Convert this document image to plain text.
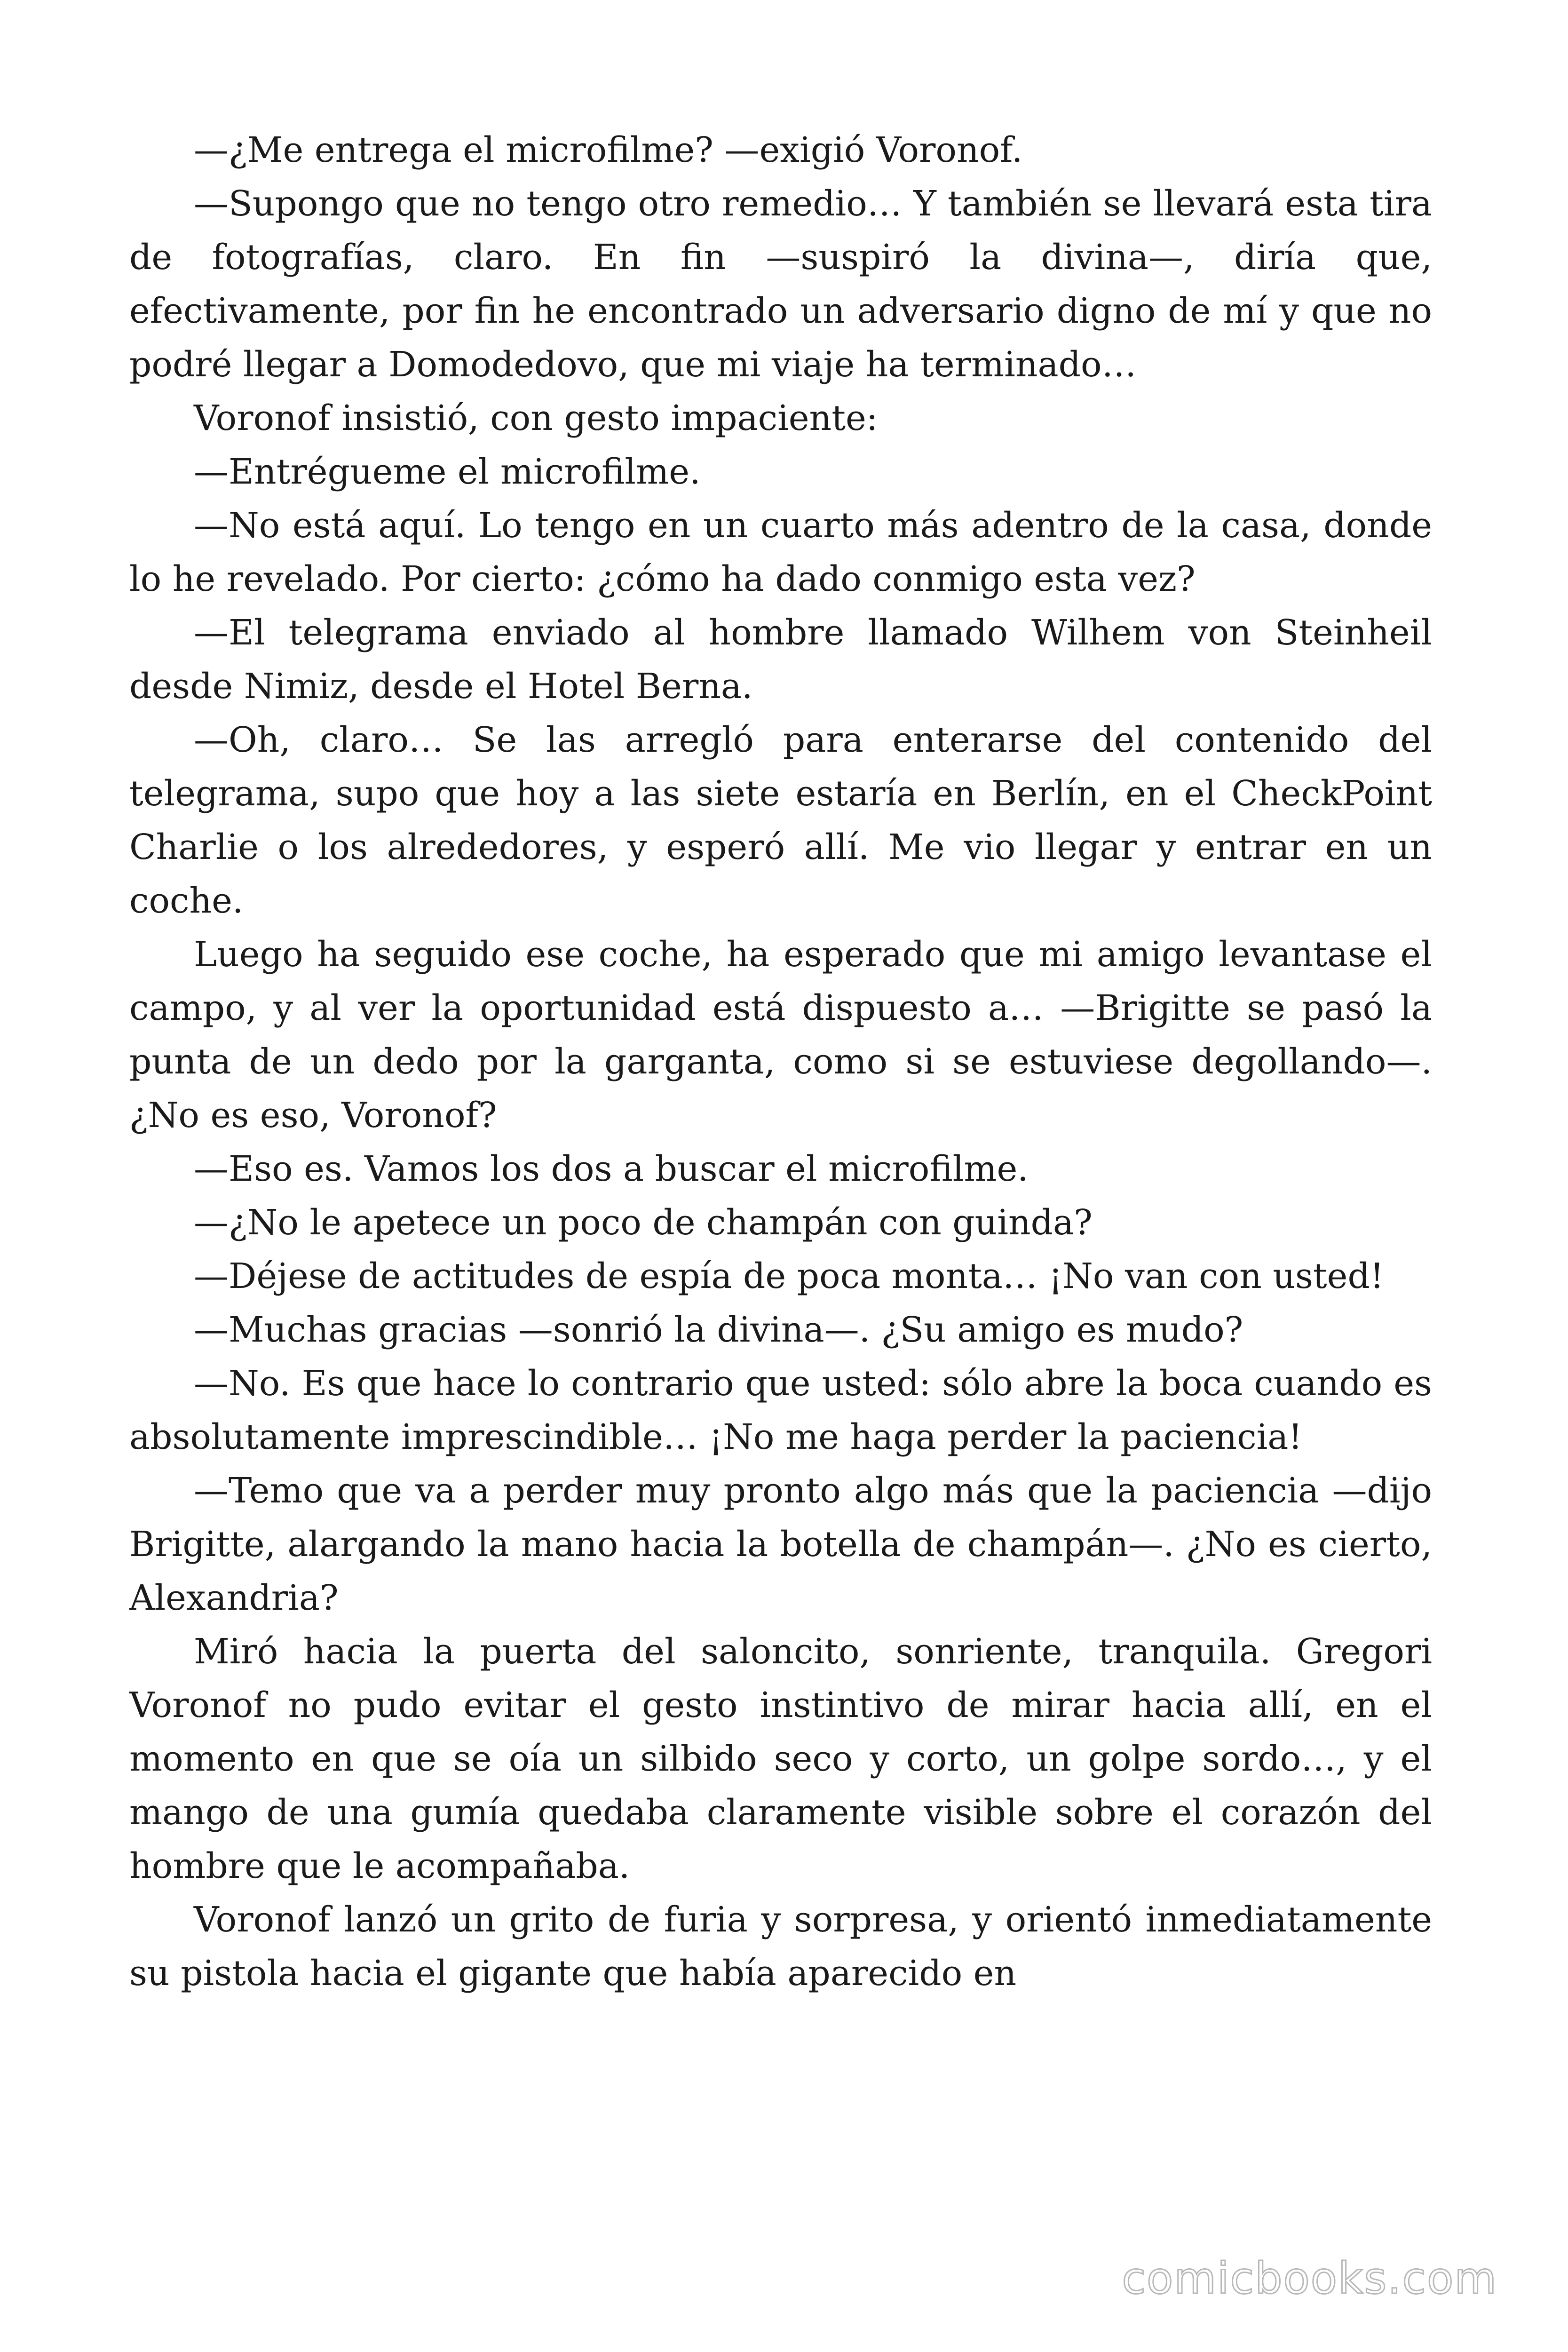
—¿Me entrega el microfilme? —exigió Voronof.

—Supongo que no tengo otro remedio… Y también se llevará esta tira de fotografías, claro. En fin —suspiró la divina—, diría que, efectivamente, por fin he encontrado un adversario digno de mí y que no podré llegar a Domodedovo, que mi viaje ha terminado…

Voronof insistió, con gesto impaciente:

—Entrégueme el microfilme.

—No está aquí. Lo tengo en un cuarto más adentro de la casa, donde lo he revelado. Por cierto: ¿cómo ha dado conmigo esta vez?

—El telegrama enviado al hombre llamado Wilhem von Steinheil desde Nimiz, desde el Hotel Berna.

—Oh, claro… Se las arregló para enterarse del contenido del telegrama, supo que hoy a las siete estaría en Berlín, en el CheckPoint Charlie o los alrededores, y esperó allí. Me vio llegar y entrar en un coche.

Luego ha seguido ese coche, ha esperado que mi amigo levantase el campo, y al ver la oportunidad está dispuesto a… —Brigitte se pasó la punta de un dedo por la garganta, como si se estuviese degollando—. ¿No es eso, Voronof?

—Eso es. Vamos los dos a buscar el microfilme.

—¿No le apetece un poco de champán con guinda?

—Déjese de actitudes de espía de poca monta… ¡No van con usted!

—Muchas gracias —sonrió la divina—. ¿Su amigo es mudo?

—No. Es que hace lo contrario que usted: sólo abre la boca cuando es absolutamente imprescindible… ¡No me haga perder la paciencia!

—Temo que va a perder muy pronto algo más que la paciencia —dijo Brigitte, alargando la mano hacia la botella de champán—. ¿No es cierto, Alexandria?

Miró hacia la puerta del saloncito, sonriente, tranquila. Gregori Voronof no pudo evitar el gesto instintivo de mirar hacia allí, en el momento en que se oía un silbido seco y corto, un golpe sordo…, y el mango de una gumía quedaba claramente visible sobre el corazón del hombre que le acompañaba.

Voronof lanzó un grito de furia y sorpresa, y orientó inmediatamente su pistola hacia el gigante que había aparecido en

comicbooks.com
